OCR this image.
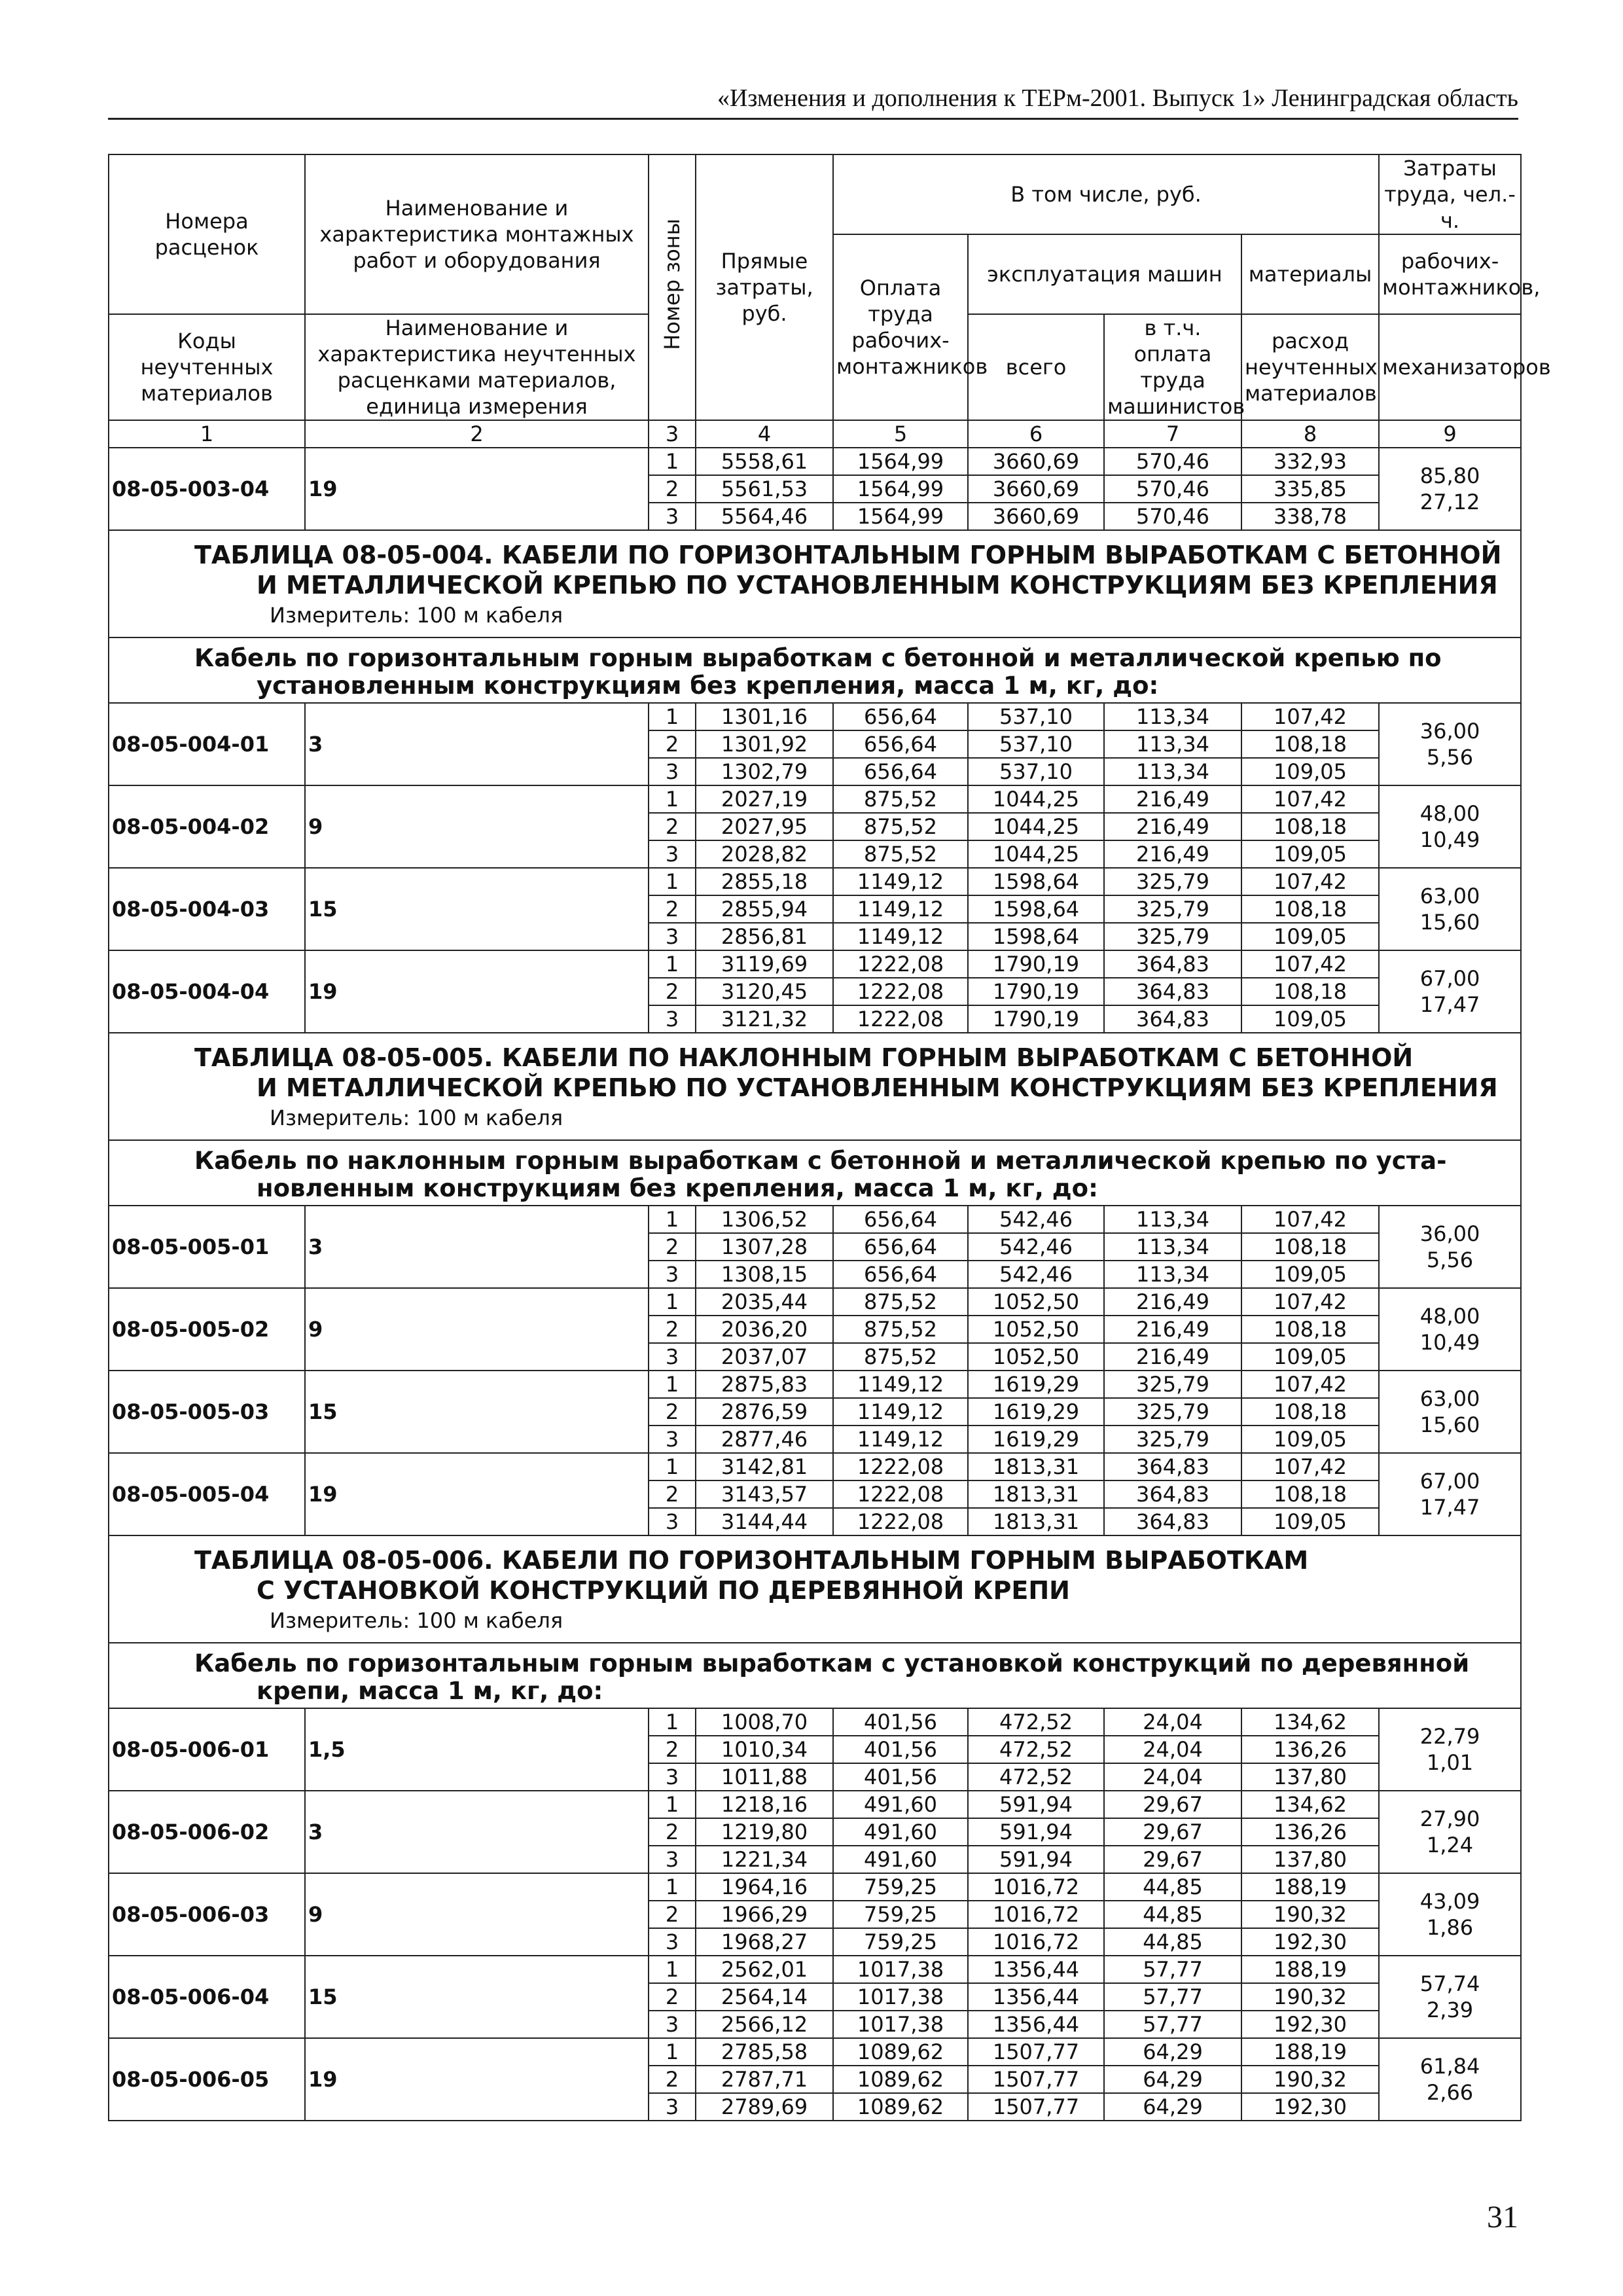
«Изменения и дополнения к ТЕРм-2001. Выпуск 1» Ленинградская область
Номера расценок	Наименование и характеристика монтажных работ и оборудования	Номер зоны	Прямые затраты, руб.	В том числе, руб.				Затраты труда, чел.-ч.
				Оплата труда рабочих-монтажников	эксплуатация машин		материалы	рабочих-монтажников,
Коды неучтенных материалов	Наименование и характеристика неучтенных расценками материалов, единица измерения				всего	в т.ч. оплата труда машинистов	расход неучтенных материалов	механизаторов
1	2	3	4	5	6	7	8	9
08-05-003-04	19	1	5558,61	1564,99	3660,69	570,46	332,93	85,80
27,12

		2	5561,53	1564,99	3660,69	570,46	335,85	
		3	5564,46	1564,99	3660,69	570,46	338,78	

ТАБЛИЦА 08-05-004. КАБЕЛИ ПО ГОРИЗОНТАЛЬНЫМ ГОРНЫМ ВЫРАБОТКАМ С БЕТОННОЙ
И МЕТАЛЛИЧЕСКОЙ КРЕПЬЮ ПО УСТАНОВЛЕННЫМ КОНСТРУКЦИЯМ БЕЗ КРЕПЛЕНИЯ
Измеритель: 100 м кабеля								

Кабель по горизонтальным горным выработкам с бетонной и металлической крепью по
установленным конструкциям без крепления, масса 1 м, кг, до:								

08-05-004-01	3	1	1301,16	656,64	537,10	113,34	107,42	36,00
5,56

		2	1301,92	656,64	537,10	113,34	108,18	
		3	1302,79	656,64	537,10	113,34	109,05	
08-05-004-02	9	1	2027,19	875,52	1044,25	216,49	107,42	48,00
10,49

		2	2027,95	875,52	1044,25	216,49	108,18	
		3	2028,82	875,52	1044,25	216,49	109,05	
08-05-004-03	15	1	2855,18	1149,12	1598,64	325,79	107,42	63,00
15,60

		2	2855,94	1149,12	1598,64	325,79	108,18	
		3	2856,81	1149,12	1598,64	325,79	109,05	
08-05-004-04	19	1	3119,69	1222,08	1790,19	364,83	107,42	67,00
17,47

		2	3120,45	1222,08	1790,19	364,83	108,18	
		3	3121,32	1222,08	1790,19	364,83	109,05	

ТАБЛИЦА 08-05-005. КАБЕЛИ ПО НАКЛОННЫМ ГОРНЫМ ВЫРАБОТКАМ С БЕТОННОЙ
И МЕТАЛЛИЧЕСКОЙ КРЕПЬЮ ПО УСТАНОВЛЕННЫМ КОНСТРУКЦИЯМ БЕЗ КРЕПЛЕНИЯ
Измеритель: 100 м кабеля								

Кабель по наклонным горным выработкам с бетонной и металлической крепью по уста-
новленным конструкциям без крепления, масса 1 м, кг, до:								

08-05-005-01	3	1	1306,52	656,64	542,46	113,34	107,42	36,00
5,56

		2	1307,28	656,64	542,46	113,34	108,18	
		3	1308,15	656,64	542,46	113,34	109,05	
08-05-005-02	9	1	2035,44	875,52	1052,50	216,49	107,42	48,00
10,49

		2	2036,20	875,52	1052,50	216,49	108,18	
		3	2037,07	875,52	1052,50	216,49	109,05	
08-05-005-03	15	1	2875,83	1149,12	1619,29	325,79	107,42	63,00
15,60

		2	2876,59	1149,12	1619,29	325,79	108,18	
		3	2877,46	1149,12	1619,29	325,79	109,05	
08-05-005-04	19	1	3142,81	1222,08	1813,31	364,83	107,42	67,00
17,47

		2	3143,57	1222,08	1813,31	364,83	108,18	
		3	3144,44	1222,08	1813,31	364,83	109,05	

ТАБЛИЦА 08-05-006. КАБЕЛИ ПО ГОРИЗОНТАЛЬНЫМ ГОРНЫМ ВЫРАБОТКАМ
С УСТАНОВКОЙ КОНСТРУКЦИЙ ПО ДЕРЕВЯННОЙ КРЕПИ
Измеритель: 100 м кабеля								

Кабель по горизонтальным горным выработкам с установкой конструкций по деревянной
крепи, масса 1 м, кг, до:								

08-05-006-01	1,5	1	1008,70	401,56	472,52	24,04	134,62	22,79
1,01

		2	1010,34	401,56	472,52	24,04	136,26	
		3	1011,88	401,56	472,52	24,04	137,80	
08-05-006-02	3	1	1218,16	491,60	591,94	29,67	134,62	27,90
1,24

		2	1219,80	491,60	591,94	29,67	136,26	
		3	1221,34	491,60	591,94	29,67	137,80	
08-05-006-03	9	1	1964,16	759,25	1016,72	44,85	188,19	43,09
1,86

		2	1966,29	759,25	1016,72	44,85	190,32	
		3	1968,27	759,25	1016,72	44,85	192,30	
08-05-006-04	15	1	2562,01	1017,38	1356,44	57,77	188,19	57,74
2,39

		2	2564,14	1017,38	1356,44	57,77	190,32	
		3	2566,12	1017,38	1356,44	57,77	192,30	
08-05-006-05	19	1	2785,58	1089,62	1507,77	64,29	188,19	61,84
2,66

		2	2787,71	1089,62	1507,77	64,29	190,32	
		3	2789,69	1089,62	1507,77	64,29	192,30	
31
